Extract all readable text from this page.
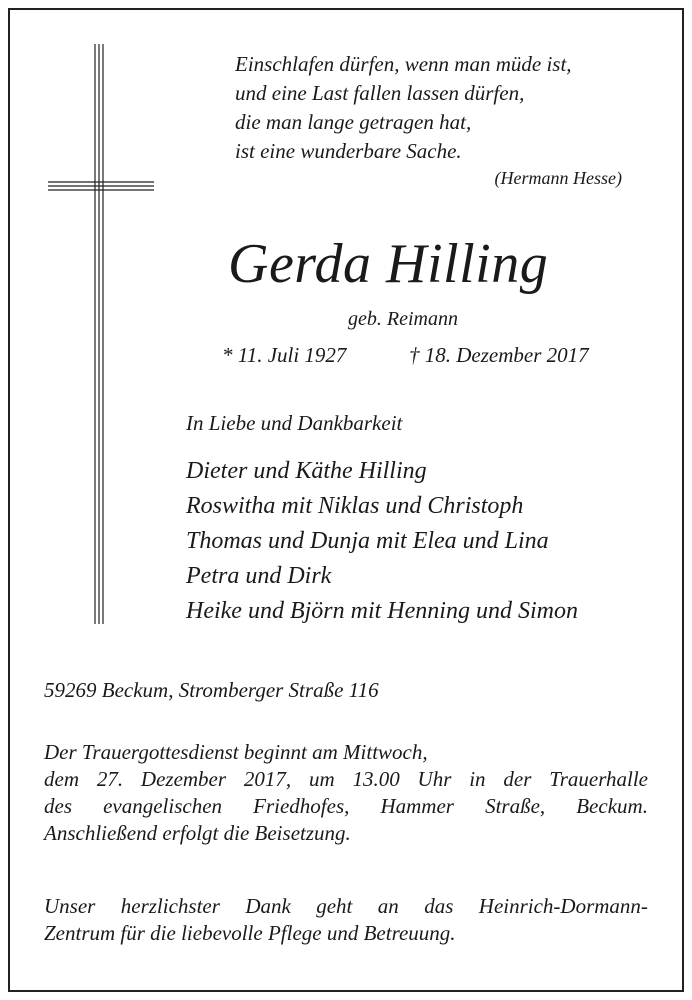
Einschlafen dürfen, wenn man müde ist,
und eine Last fallen lassen dürfen,
die man lange getragen hat,
ist eine wunderbare Sache.
(Hermann Hesse)
Gerda Hilling
geb. Reimann
* 11. Juli 1927	† 18. Dezember 2017
In Liebe und Dankbarkeit
Dieter und Käthe Hilling
Roswitha mit Niklas und Christoph
Thomas und Dunja mit Elea und Lina
Petra und Dirk
Heike und Björn mit Henning und Simon
59269 Beckum, Stromberger Straße 116
Der Trauergottesdienst beginnt am Mittwoch,
dem 27. Dezember 2017, um 13.00 Uhr in der Trauerhalle
des evangelischen Friedhofes, Hammer Straße, Beckum.
Anschließend erfolgt die Beisetzung.
Unser herzlichster Dank geht an das Heinrich-Dormann-
Zentrum für die liebevolle Pflege und Betreuung.
